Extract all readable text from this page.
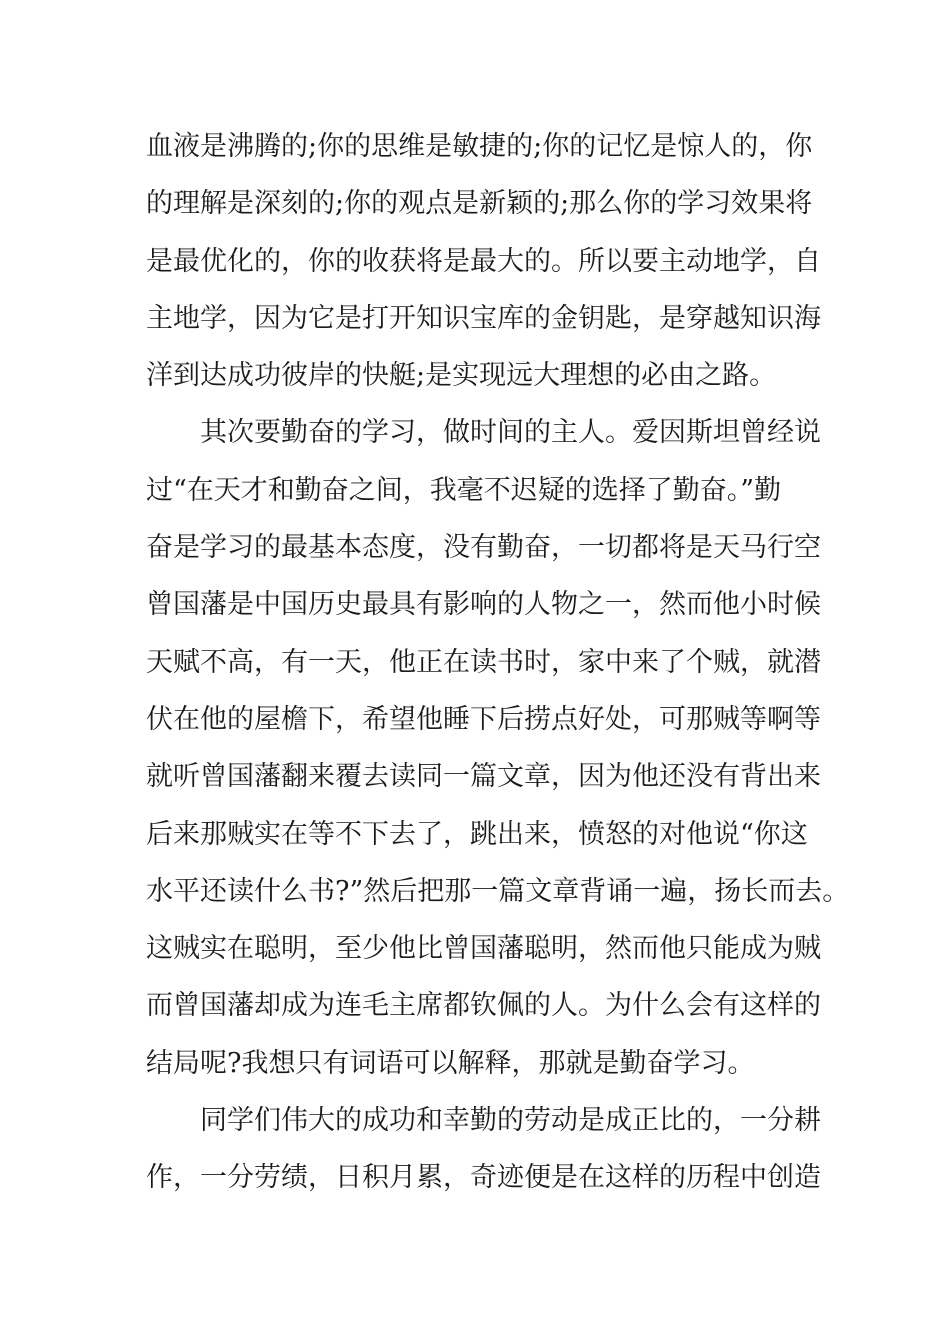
血液是沸腾的;你的思维是敏捷的;你的记忆是惊人的，你
的理解是深刻的;你的观点是新颖的;那么你的学习效果将
是最优化的，你的收获将是最大的。所以要主动地学，自
主地学，因为它是打开知识宝库的金钥匙，是穿越知识海
洋到达成功彼岸的快艇;是实现远大理想的必由之路。
其次要勤奋的学习，做时间的主人。爱因斯坦曾经说
过“在天才和勤奋之间，我毫不迟疑的选择了勤奋。”勤
奋是学习的最基本态度，没有勤奋，一切都将是天马行空
曾国藩是中国历史最具有影响的人物之一，然而他小时候
天赋不高，有一天，他正在读书时，家中来了个贼，就潜
伏在他的屋檐下，希望他睡下后捞点好处，可那贼等啊等
就听曾国藩翻来覆去读同一篇文章，因为他还没有背出来
后来那贼实在等不下去了，跳出来，愤怒的对他说“你这
水平还读什么书?”然后把那一篇文章背诵一遍，扬长而去。
这贼实在聪明，至少他比曾国藩聪明，然而他只能成为贼
而曾国藩却成为连毛主席都钦佩的人。为什么会有这样的
结局呢?我想只有词语可以解释，那就是勤奋学习。
同学们伟大的成功和幸勤的劳动是成正比的，一分耕
作，一分劳绩，日积月累，奇迹便是在这样的历程中创造
